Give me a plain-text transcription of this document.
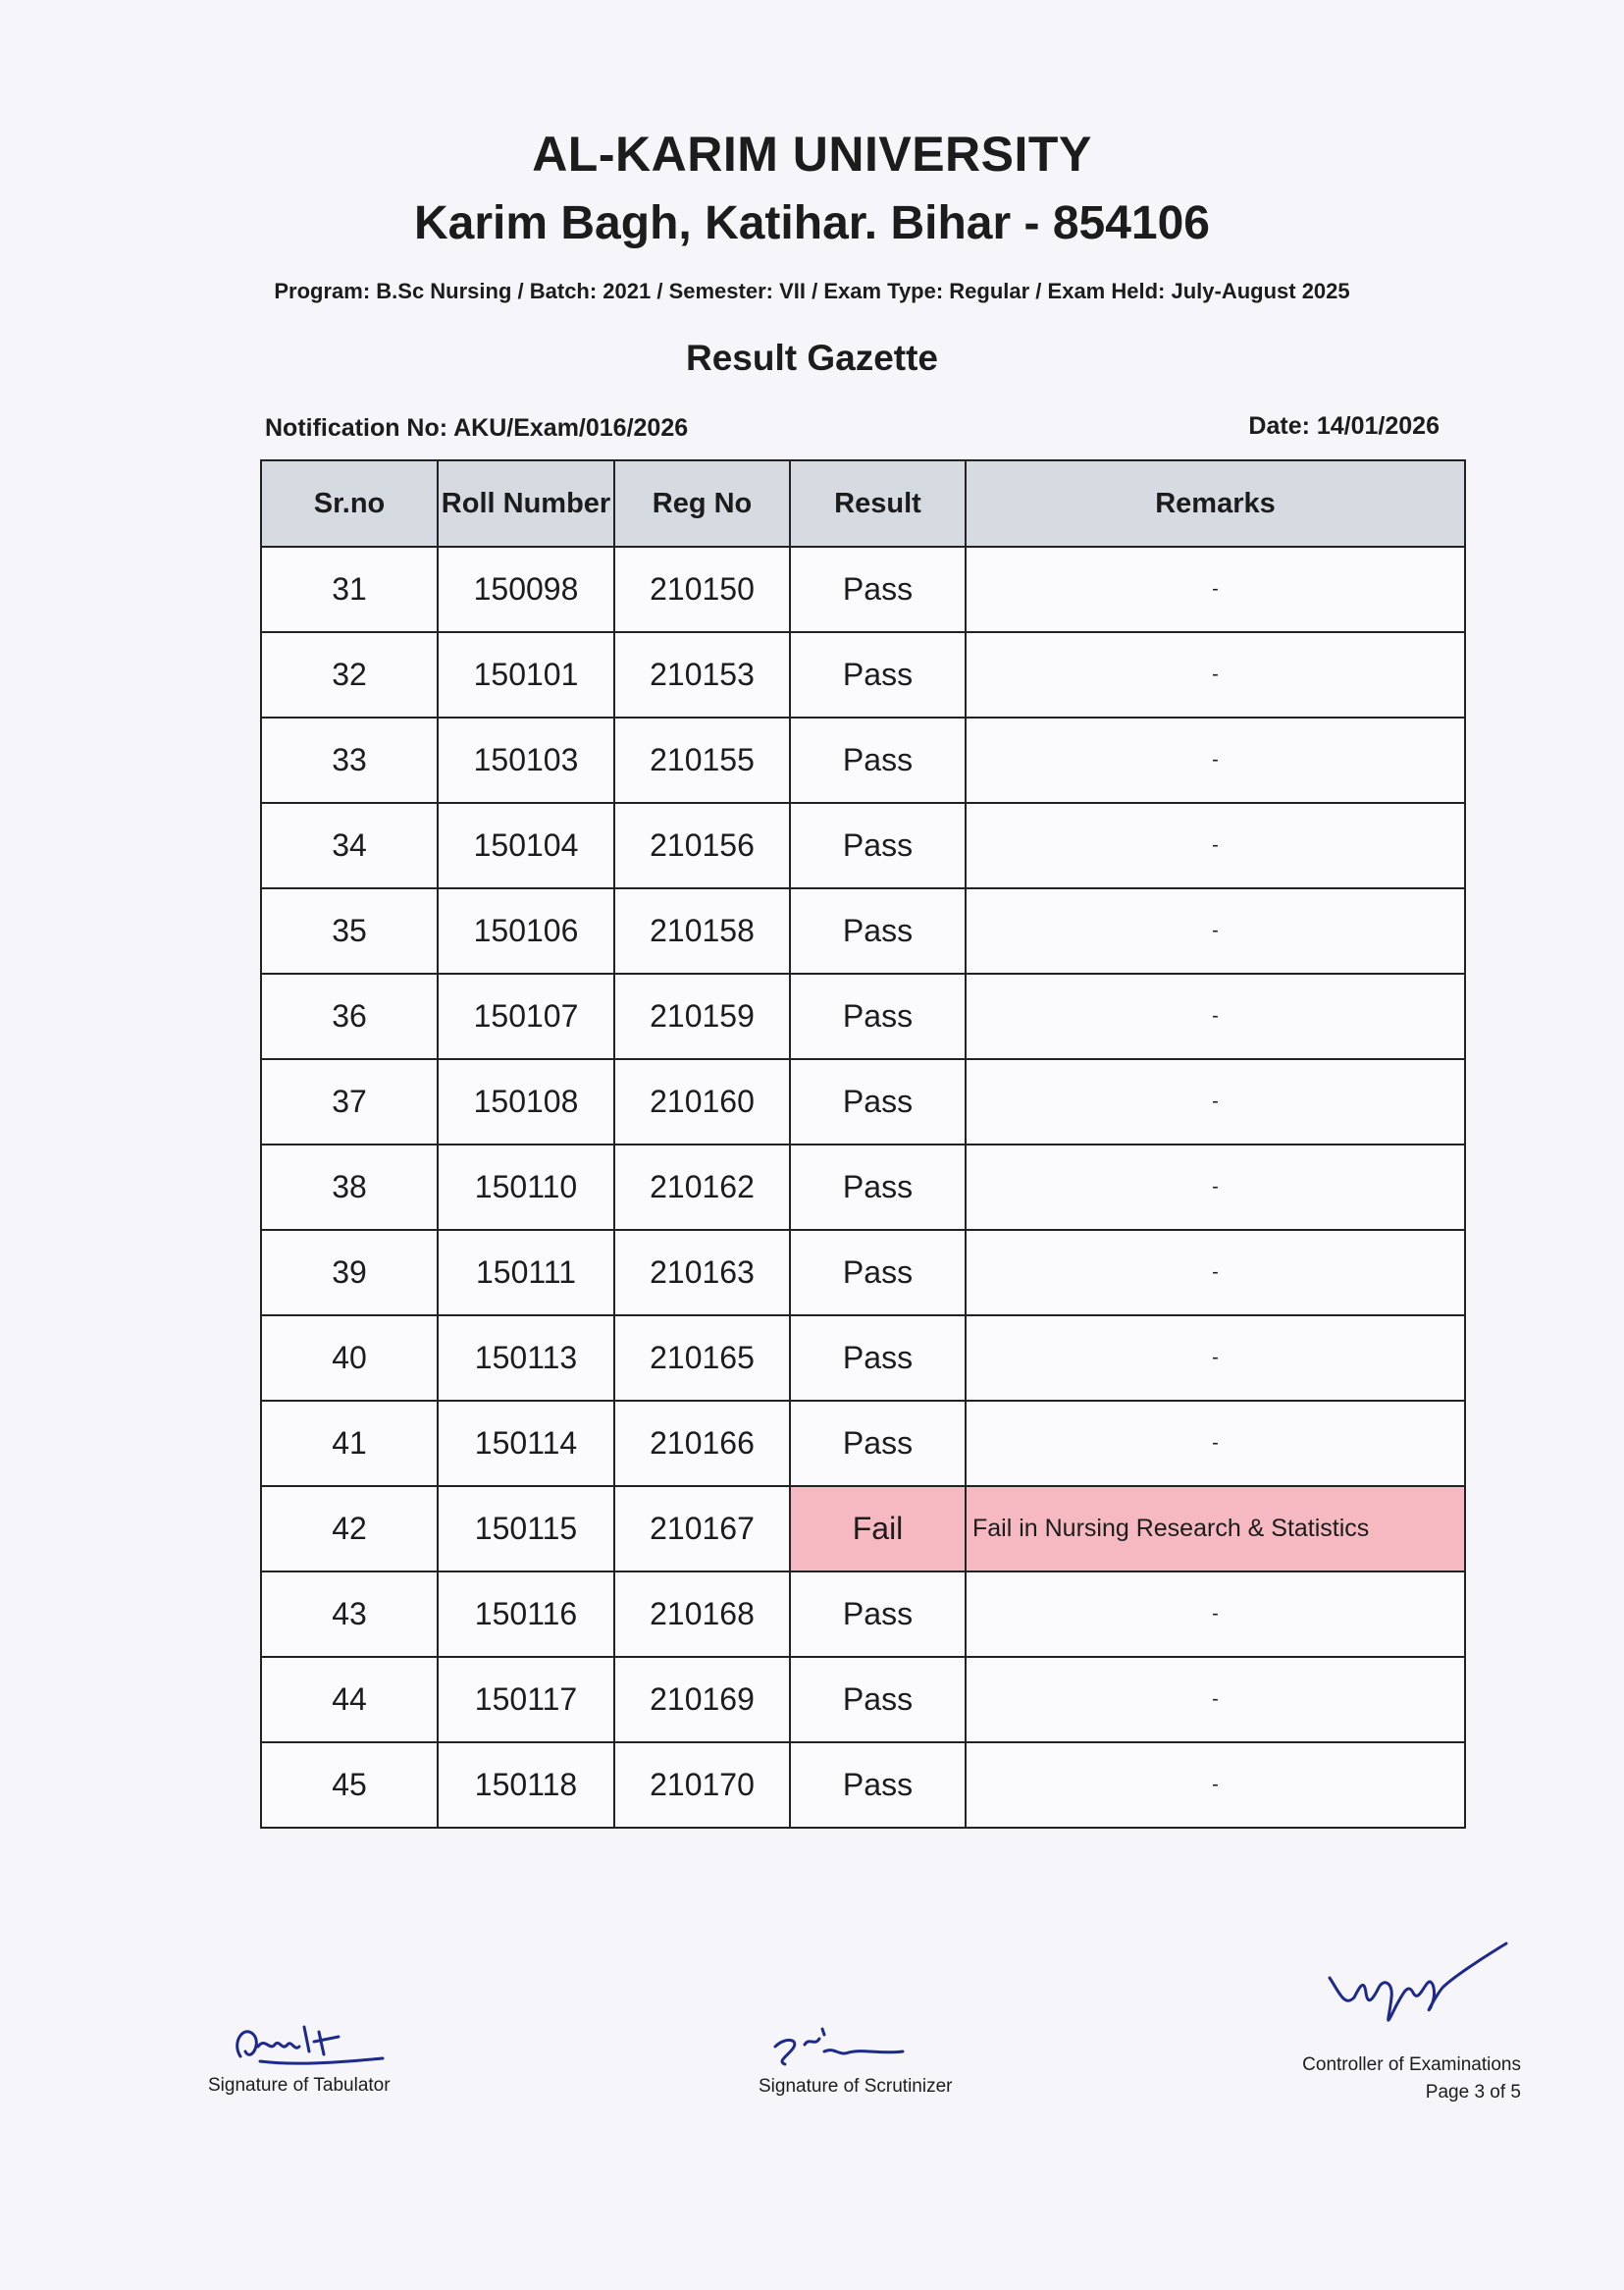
AL-KARIM UNIVERSITY
Karim Bagh, Katihar. Bihar - 854106
Program: B.Sc Nursing / Batch: 2021 / Semester: VII / Exam Type: Regular / Exam Held: July-August 2025
Result Gazette
Notification No: AKU/Exam/016/2026	Date: 14/01/2026
Sr.no	Roll Number	Reg No	Result	Remarks
31	150098	210150	Pass	-
32	150101	210153	Pass	-
33	150103	210155	Pass	-
34	150104	210156	Pass	-
35	150106	210158	Pass	-
36	150107	210159	Pass	-
37	150108	210160	Pass	-
38	150110	210162	Pass	-
39	150111	210163	Pass	-
40	150113	210165	Pass	-
41	150114	210166	Pass	-
42	150115	210167	Fail	Fail in Nursing Research & Statistics
43	150116	210168	Pass	-
44	150117	210169	Pass	-
45	150118	210170	Pass	-
Signature of Tabulator	Signature of Scrutinizer
Controller of Examinations
Page 3 of 5
